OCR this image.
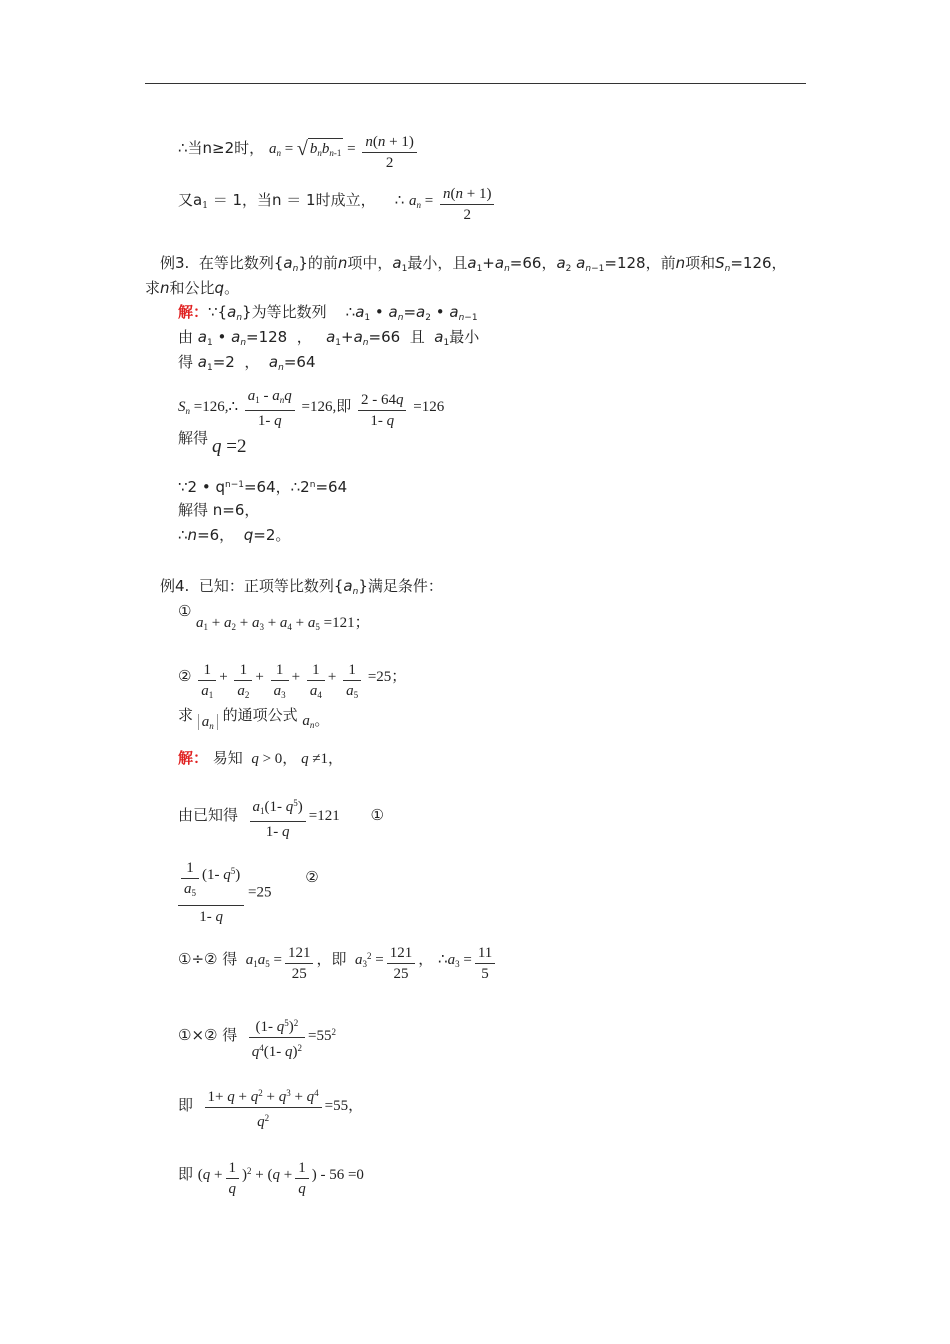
∴当n≥2时， $a_n$ = √ $b_nb_{n-1} = \frac{n(n + 1)}{2}$
又$a_1 = 1$，当n ＝ 1时成立， ∴ $a_n = \frac{n(n + 1)}{2}$
例3.  在等比数列$\{a_n\}$的前n项中，$a_1$最小，且$a_1+a_n=66$，$a_2$ $a_{n-1}=128$，前n项和$S_n=126$，
求n和公比q。
解：$\because\{a_n\}$为等比数列    $\therefore a_1$ • $a_n=a_2$ • $a_{n-1}$
由 $a_1$ • $a_n=128$  ，   $a_1+a_n=66$  且  $a_1$最小
得 $a_1=2$  ，  $a_n=64$
$S_n$ =126,∴ $\frac{a_1 - a_nq}{1- q} =126$,即 $\frac{2 - 64q}{1- q} =126$
解得 q =2
∵2 • $q^{n-1}=64$，$\therefore 2^n=64$
解得 n=6，
∴n=6，  q=2。
例4.  已知：正项等比数列$\{a_n\}$满足条件：
①
$a_1 + a_2 + a_3 + a_4 + a_5 =121$；
② $\frac{1}{a_1} + \frac{1}{a_2} + \frac{1}{a_3} + \frac{1}{a_4} + \frac{1}{a_5} =25$；
求 $a_n$ 的通项公式 $a_n$。
解： 易知 q > 0， q ≠1，
由已知得 $\frac{a_1(1- q^5)}{1- q} =121$ ①
$\frac{\frac{1}{a_5} (1- q^5)}{1- q} =25$ ②
①÷② 得 $a_1a_5 = \frac{121}{25}$ ，即 $a_3^2 = \frac{121}{25}$ ， $\therefore a_3 = \frac{11}{5}$
①×② 得 $\frac{(1- q^5)^2}{q^4(1- q)^2} =55^2$
即 $\frac{1+ q + q^2 + q^3 + q^4}{q^2} =55$，
即 $(q + \frac{1}{q} )^2 + (q + \frac{1}{q}$ ) - 56 =0
